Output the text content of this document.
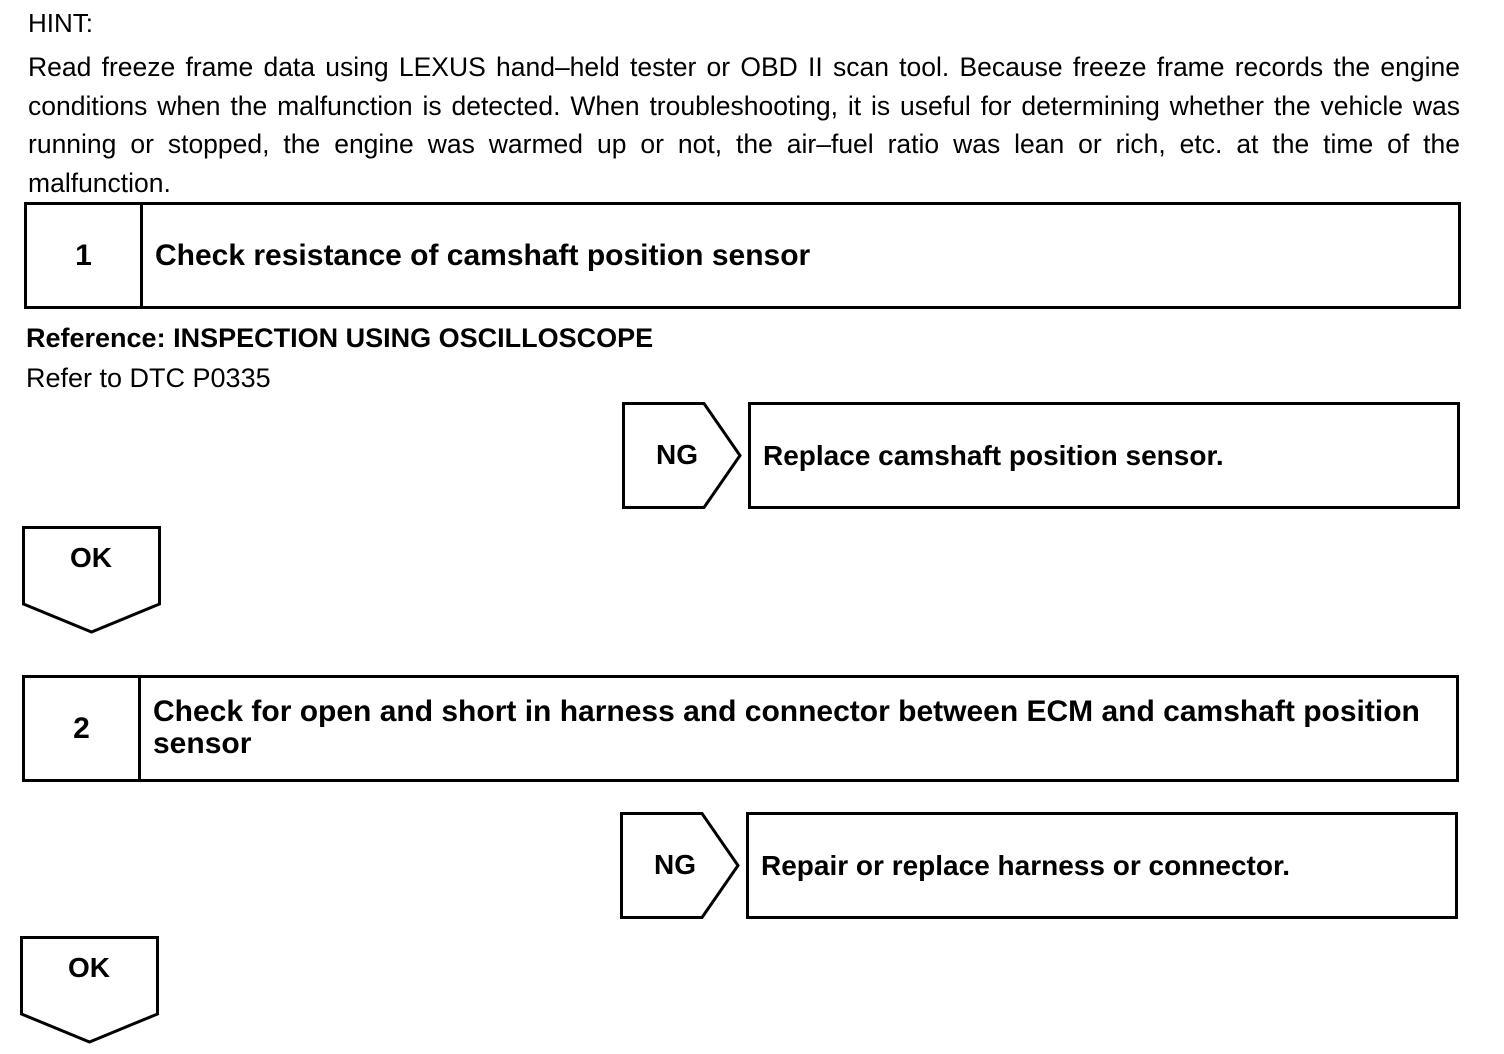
HINT:
Read freeze frame data using LEXUS hand–held tester or OBD II scan tool. Because freeze frame records the engine conditions when the malfunction is detected. When troubleshooting, it is useful for determining whether the vehicle was running or stopped, the engine was warmed up or not, the air–fuel ratio was lean or rich, etc. at the time of the malfunction.
1	Check resistance of camshaft position sensor
Reference: INSPECTION USING OSCILLOSCOPE
Refer to DTC P0335
NG	Replace camshaft position sensor.
OK
2	Check for open and short in harness and connector between ECM and camshaft position sensor
NG	Repair or replace harness or connector.
OK
